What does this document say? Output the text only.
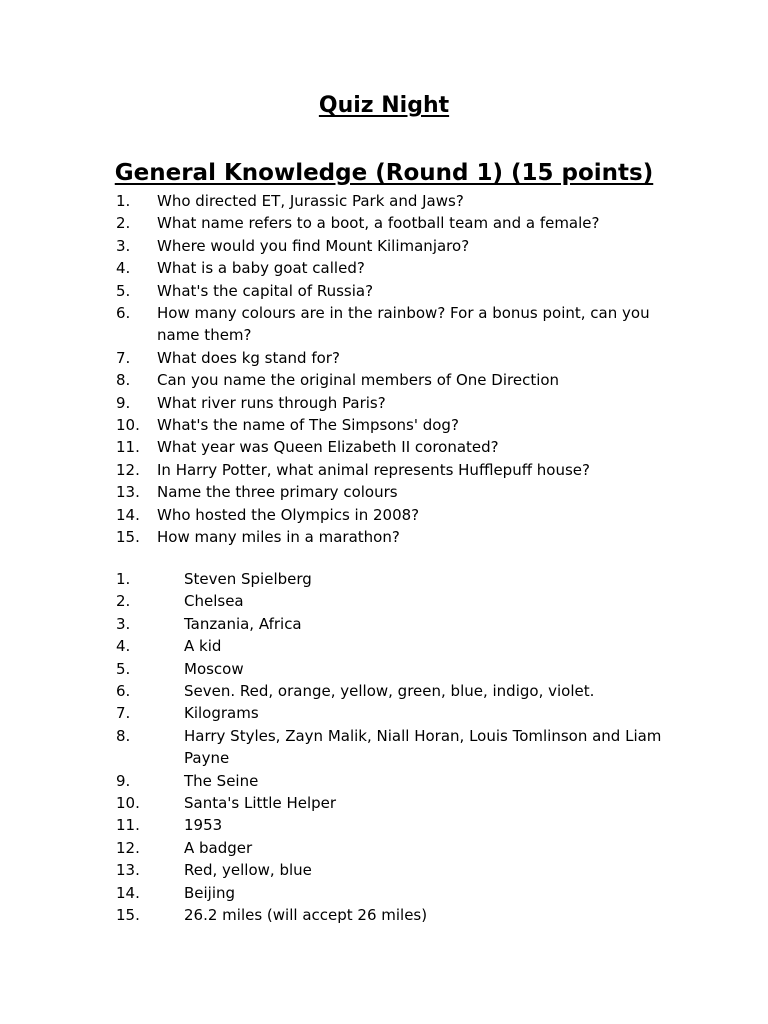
Quiz Night
General Knowledge (Round 1) (15 points)
1.	Who directed ET, Jurassic Park and Jaws?
2.	What name refers to a boot, a football team and a female?
3.	Where would you find Mount Kilimanjaro?
4.	What is a baby goat called?
5.	What's the capital of Russia?
6.	How many colours are in the rainbow? For a bonus point, can you name them?
7.	What does kg stand for?
8.	Can you name the original members of One Direction
9.	What river runs through Paris?
10.	What's the name of The Simpsons' dog?
11.	What year was Queen Elizabeth II coronated?
12.	In Harry Potter, what animal represents Hufflepuff house?
13.	Name the three primary colours
14.	Who hosted the Olympics in 2008?
15.	How many miles in a marathon?
1.	Steven Spielberg
2.	Chelsea
3.	Tanzania, Africa
4.	A kid
5.	Moscow
6.	Seven. Red, orange, yellow, green, blue, indigo, violet.
7.	Kilograms
8.	Harry Styles, Zayn Malik, Niall Horan, Louis Tomlinson and Liam Payne
9.	The Seine
10.	Santa's Little Helper
11.	1953
12.	A badger
13.	Red, yellow, blue
14.	Beijing
15.	26.2 miles (will accept 26 miles)
